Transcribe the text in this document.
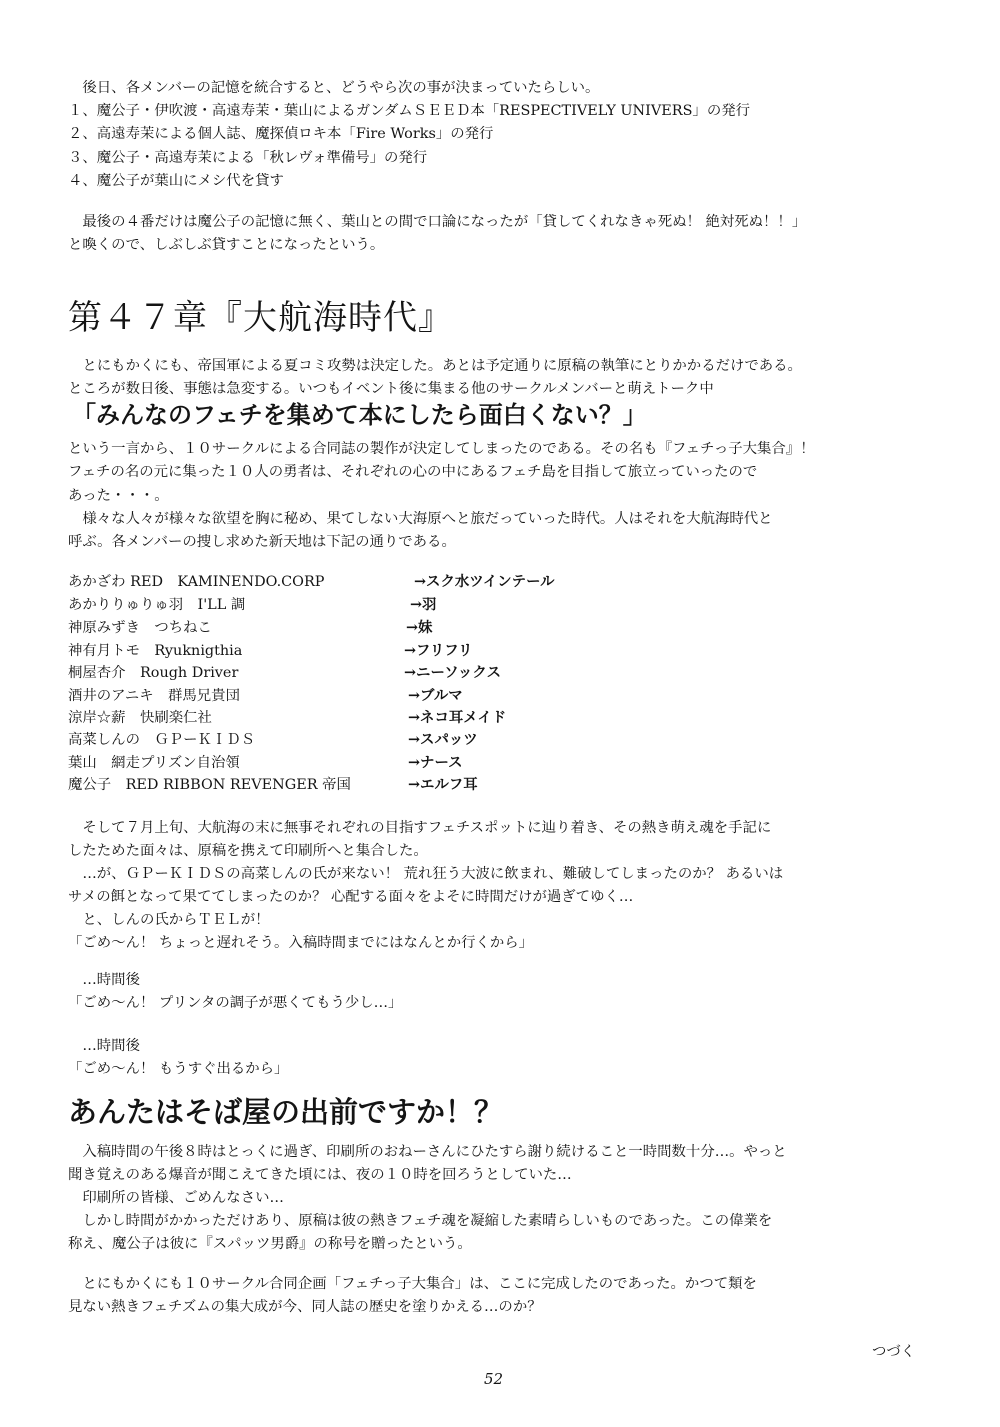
　後日、各メンバーの記憶を統合すると、どうやら次の事が決まっていたらしい。

１、魔公子・伊吹渡・高遠寿茉・葉山によるガンダムＳＥＥＤ本「RESPECTIVELY UNIVERS」の発行

２、高遠寿茉による個人誌、魔探偵ロキ本「Fire Works」の発行

３、魔公子・高遠寿茉による「秋レヴォ準備号」の発行

４、魔公子が葉山にメシ代を貸す

　最後の４番だけは魔公子の記憶に無く、葉山との間で口論になったが「貸してくれなきゃ死ぬ！ 絶対死ぬ！！」

と喚くので、しぶしぶ貸すことになったという。

第４７章『大航海時代』

　とにもかくにも、帝国軍による夏コミ攻勢は決定した。あとは予定通りに原稿の執筆にとりかかるだけである。

ところが数日後、事態は急変する。いつもイベント後に集まる他のサークルメンバーと萌えトーク中

「みんなのフェチを集めて本にしたら面白くない？」

という一言から、１０サークルによる合同誌の製作が決定してしまったのである。その名も『フェチっ子大集合』！

フェチの名の元に集った１０人の勇者は、それぞれの心の中にあるフェチ島を目指して旅立っていったので

あった・・・。

　様々な人々が様々な欲望を胸に秘め、果てしない大海原へと旅だっていった時代。人はそれを大航海時代と

呼ぶ。各メンバーの捜し求めた新天地は下記の通りである。

あかざわ RED　KAMINENDO.CORP	→スク水ツインテール
あかりりゅりゅ羽　I'LL 調	→羽
神原みずき　つちねこ	→妹
神有月トモ　Ryuknigthia	→フリフリ
桐屋杏介　Rough Driver	→ニーソックス
酒井のアニキ　群馬兄貴団	→ブルマ
涼岸☆薪　快刷楽仁社	→ネコ耳メイド
高菜しんの　ＧＰーＫＩＤＳ	→スパッツ
葉山　網走プリズン自治領	→ナース
魔公子　RED RIBBON REVENGER 帝国	→エルフ耳

　そして７月上旬、大航海の末に無事それぞれの目指すフェチスポットに辿り着き、その熱き萌え魂を手記に

したためた面々は、原稿を携えて印刷所へと集合した。

　…が、ＧＰーＫＩＤＳの高菜しんの氏が来ない！ 荒れ狂う大波に飲まれ、難破してしまったのか？ あるいは

サメの餌となって果ててしまったのか？ 心配する面々をよそに時間だけが過ぎてゆく…

　と、しんの氏からＴＥＬが！

「ごめ～ん！ ちょっと遅れそう。入稿時間までにはなんとか行くから」

　…時間後

「ごめ～ん！ プリンタの調子が悪くてもう少し…」

　…時間後

「ごめ～ん！ もうすぐ出るから」

あんたはそば屋の出前ですか！？

　入稿時間の午後８時はとっくに過ぎ、印刷所のおねーさんにひたすら謝り続けること一時間数十分…。やっと

聞き覚えのある爆音が聞こえてきた頃には、夜の１０時を回ろうとしていた…

　印刷所の皆様、ごめんなさい…

　しかし時間がかかっただけあり、原稿は彼の熱きフェチ魂を凝縮した素晴らしいものであった。この偉業を

称え、魔公子は彼に『スパッツ男爵』の称号を贈ったという。

　とにもかくにも１０サークル合同企画「フェチっ子大集合」は、ここに完成したのであった。かつて類を

見ない熱きフェチズムの集大成が今、同人誌の歴史を塗りかえる…のか？

つづく

52
